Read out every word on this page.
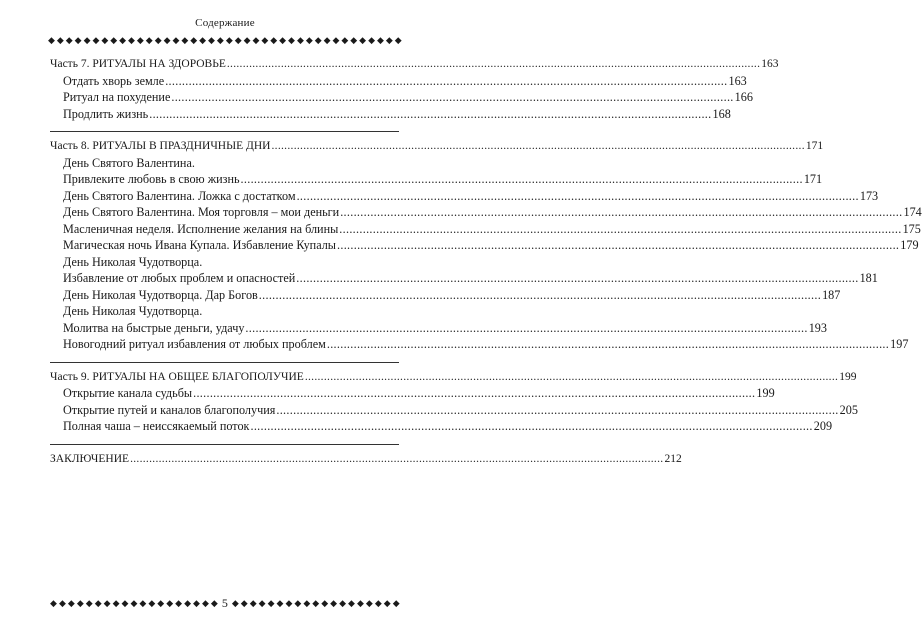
Содержание
◆ ◆ ◆ ◆ ◆ ◆ ◆ ◆ ◆ ◆ ◆ ◆ ◆ ◆ ◆ ◆ ◆ ◆ ◆ ◆ ◆ ◆ ◆ ◆ ◆ ◆ ◆ ◆ ◆ ◆ ◆ ◆ ◆ ◆ ◆ ◆ ◆ ◆ ◆ ◆
Часть 7. РИТУАЛЫ НА ЗДОРОВЬЕ .....	163
Отдать хворь земле .....	163
Ритуал на похудение .....	166
Продлить жизнь .....	168
Часть 8. РИТУАЛЫ В ПРАЗДНИЧНЫЕ ДНИ .....	171
День Святого Валентина.
Привлеките любовь в свою жизнь .....	171
День Святого Валентина. Ложка с достатком .....	173
День Святого Валентина. Моя торговля – мои деньги .....	174
Масленичная неделя. Исполнение желания на блины .....	175
Магическая ночь Ивана Купала. Избавление Купалы .....	179
День Николая Чудотворца.
Избавление от любых проблем и опасностей .....	181
День Николая Чудотворца. Дар Богов .....	187
День Николая Чудотворца.
Молитва на быстрые деньги, удачу .....	193
Новогодний ритуал избавления от любых проблем .....	197
Часть 9. РИТУАЛЫ НА ОБЩЕЕ БЛАГОПОЛУЧИЕ .....	199
Открытие канала судьбы .....	199
Открытие путей и каналов благополучия .....	205
Полная чаша – неиссякаемый поток .....	209
ЗАКЛЮЧЕНИЕ .....	212
◆ ◆ ◆ ◆ ◆ ◆ ◆ ◆ ◆ ◆ ◆ ◆ ◆ ◆ ◆ ◆ ◆ ◆ ◆ 5 ◆ ◆ ◆ ◆ ◆ ◆ ◆ ◆ ◆ ◆ ◆ ◆ ◆ ◆ ◆ ◆ ◆ ◆ ◆
